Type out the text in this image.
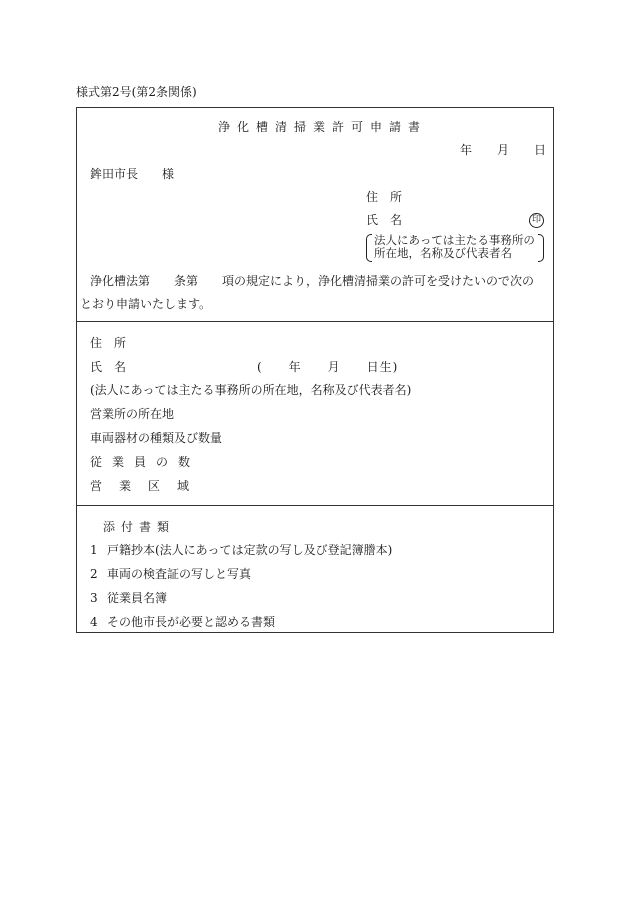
様式第2号(第2条関係)
浄化槽清掃業許可申請書
年 月 日
鉾田市長　　様
住　所
氏　名	印
法人にあっては主たる事務所の
所在地，名称及び代表者名
浄化槽法第　　条第　　項の規定により，浄化槽清掃業の許可を受けたいので次の
とおり申請いたします。
住　所
氏　名	(　　年　　月　　日生)
(法人にあっては主たる事務所の所在地，名称及び代表者名)
営業所の所在地
車両器材の種類及び数量
従業員の数
営業区域
添付書類
1 戸籍抄本(法人にあっては定款の写し及び登記簿謄本)
2 車両の検査証の写しと写真
3 従業員名簿
4 その他市長が必要と認める書類
